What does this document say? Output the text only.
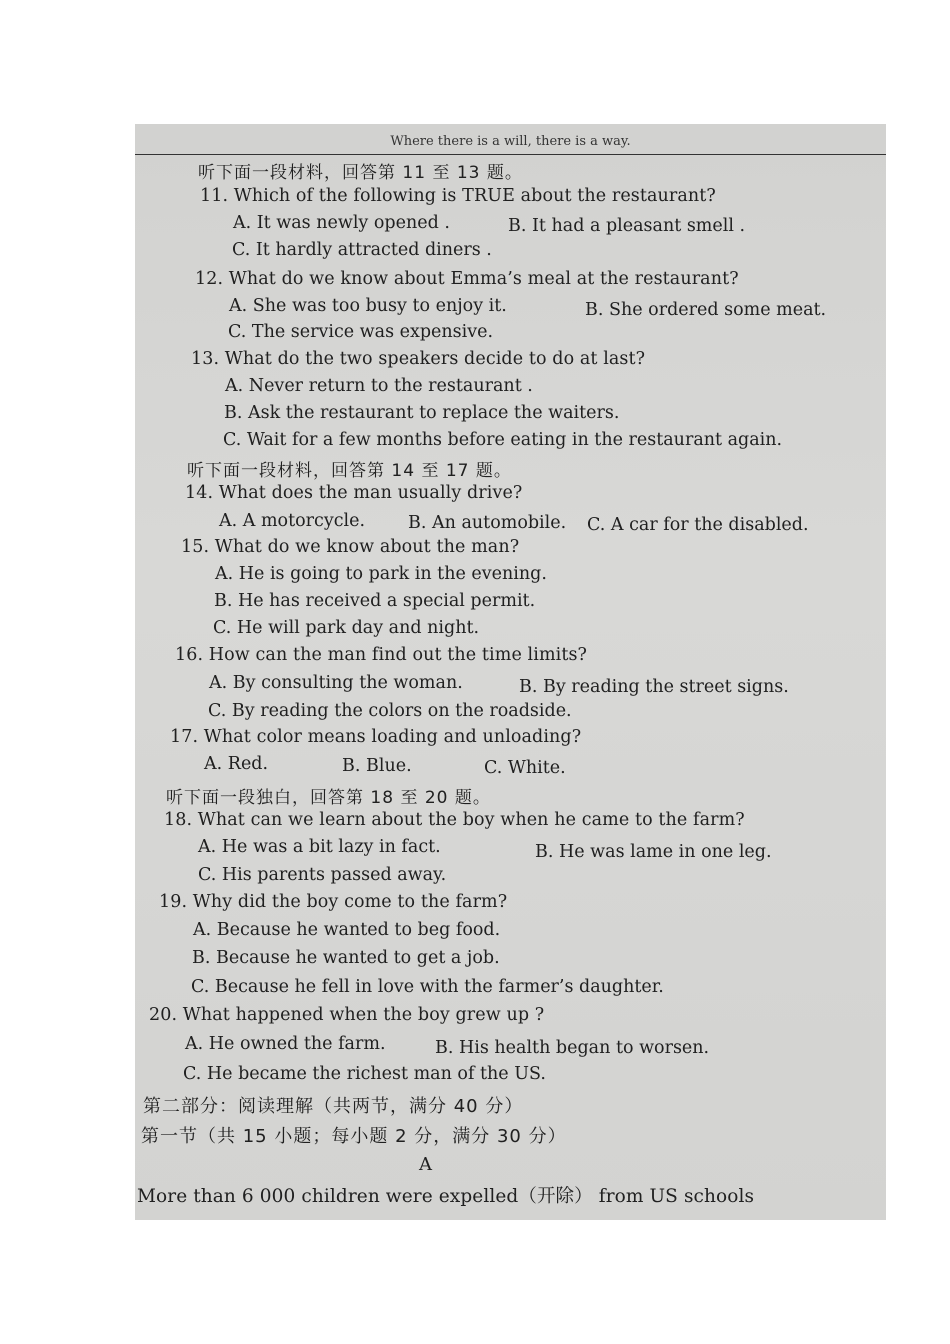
Where there is a will, there is a way.
听下面一段材料，回答第 11 至 13 题。
11. Which of the following is TRUE about the restaurant?
A. It was newly opened .	B. It had a pleasant smell .
C. It hardly attracted diners .
12. What do we know about Emma’s meal at the restaurant?
A. She was too busy to enjoy it.	B. She ordered some meat.
C. The service was expensive.
13. What do the two speakers decide to do at last?
A. Never return to the restaurant .
B. Ask the restaurant to replace the waiters.
C. Wait for a few months before eating in the restaurant again.
听下面一段材料，回答第 14 至 17 题。
14. What does the man usually drive?
A. A motorcycle. B. An automobile. C. A car for the disabled.
15. What do we know about the man?
A. He is going to park in the evening.
B. He has received a special permit.
C. He will park day and night.
16. How can the man find out the time limits?
A. By consulting the woman.	B. By reading the street signs.
C. By reading the colors on the roadside.
17. What color means loading and unloading?
A. Red.	B. Blue.	C. White.
听下面一段独白，回答第 18 至 20 题。
18. What can we learn about the boy when he came to the farm?
A. He was a bit lazy in fact.	B. He was lame in one leg.
C. His parents passed away.
19. Why did the boy come to the farm?
A. Because he wanted to beg food.
B. Because he wanted to get a job.
C. Because he fell in love with the farmer’s daughter.
20. What happened when the boy grew up ?
A. He owned the farm.	B. His health began to worsen.
C. He became the richest man of the US.
第二部分：阅读理解（共两节，满分 40 分）
第一节（共 15 小题；每小题 2 分，满分 30 分）
A
More than 6 000 children were expelled（开除） from US schools
